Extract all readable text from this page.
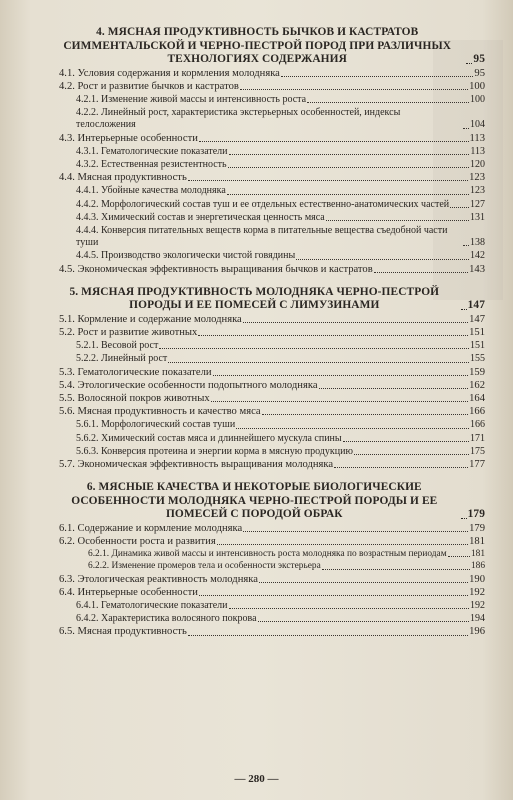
4. МЯСНАЯ ПРОДУКТИВНОСТЬ БЫЧКОВ И КАСТРАТОВ СИММЕНТАЛЬСКОЙ И ЧЕРНО-ПЕСТРОЙ ПОРОД ПРИ РАЗЛИЧНЫХ ТЕХНОЛОГИЯХ СОДЕРЖАНИЯ	95
4.1. Условия содержания и кормления молодняка	95
4.2. Рост и развитие бычков и кастратов	100
4.2.1. Изменение живой массы и интенсивность роста	100
4.2.2. Линейный рост, характеристика экстерьерных особенностей, индексы телосложения	104
4.3. Интерьерные особенности	113
4.3.1. Гематологические показатели	113
4.3.2. Естественная резистентность	120
4.4. Мясная продуктивность	123
4.4.1. Убойные качества молодняка	123
4.4.2. Морфологический состав туш и ее отдельных естественно-анатомических частей 127
4.4.3. Химический состав и энергетическая ценность мяса	131
4.4.4. Конверсия питательных веществ корма в питательные вещества съедобной части туши	138
4.4.5. Производство экологически чистой говядины	142
4.5. Экономическая эффективность выращивания бычков и кастратов	143
5. МЯСНАЯ ПРОДУКТИВНОСТЬ МОЛОДНЯКА ЧЕРНО-ПЕСТРОЙ ПОРОДЫ И ЕЕ ПОМЕСЕЙ С ЛИМУЗИНАМИ	147
5.1. Кормление и содержание молодняка	147
5.2. Рост и развитие животных	151
5.2.1. Весовой рост	151
5.2.2. Линейный рост	155
5.3. Гематологические показатели	159
5.4. Этологические особенности подопытного молодняка	162
5.5. Волосяной покров животных	164
5.6. Мясная продуктивность и качество мяса	166
5.6.1. Морфологический состав туши	166
5.6.2. Химический состав мяса и длиннейшего мускула спины	171
5.6.3. Конверсия протеина и энергии корма в мясную продукцию	175
5.7. Экономическая эффективность выращивания молодняка	177
6. МЯСНЫЕ КАЧЕСТВА И НЕКОТОРЫЕ БИОЛОГИЧЕСКИЕ ОСОБЕННОСТИ МОЛОДНЯКА ЧЕРНО-ПЕСТРОЙ ПОРОДЫ И ЕЕ ПОМЕСЕЙ С ПОРОДОЙ ОБРАК	179
6.1. Содержание и кормление молодняка	179
6.2. Особенности роста и развития	181
6.2.1. Динамика живой массы и интенсивность роста молодняка по возрастным периодам	181
6.2.2. Изменение промеров тела и особенности экстерьера	186
6.3. Этологическая реактивность молодняка	190
6.4. Интерьерные особенности	192
6.4.1. Гематологические показатели	192
6.4.2. Характеристика волосяного покрова	194
6.5. Мясная продуктивность	196
— 280 —
